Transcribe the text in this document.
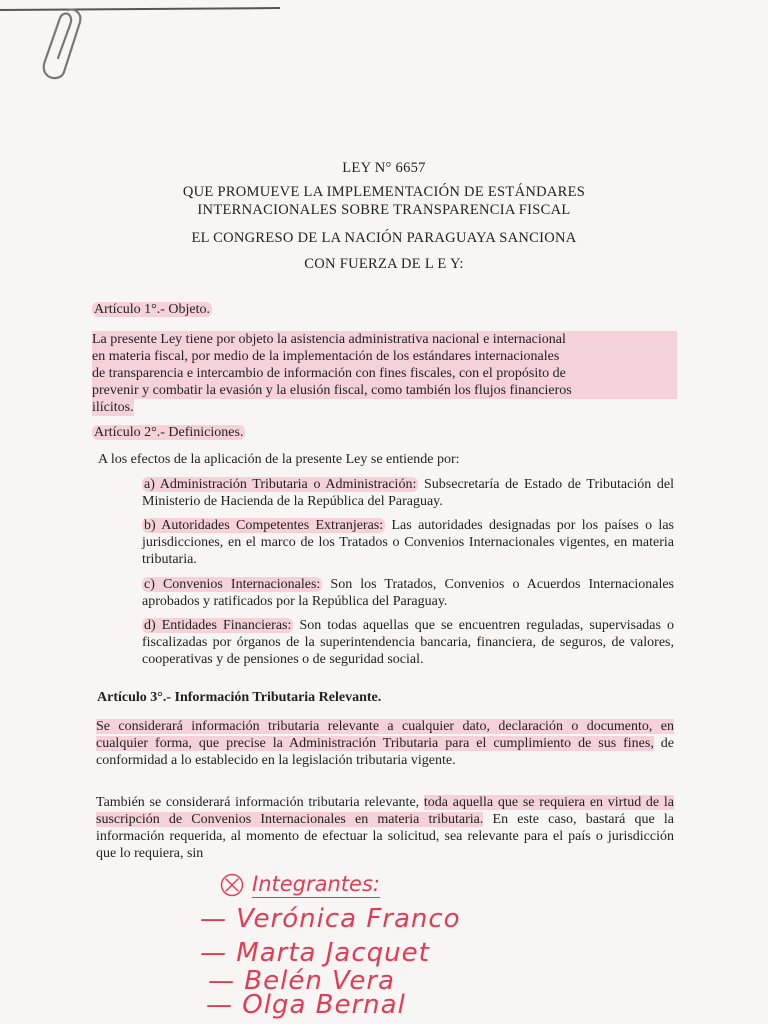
LEY N° 6657
QUE PROMUEVE LA IMPLEMENTACIÓN DE ESTÁNDARES
INTERNACIONALES SOBRE TRANSPARENCIA FISCAL
EL CONGRESO DE LA NACIÓN PARAGUAYA SANCIONA
CON FUERZA DE L E Y:
Artículo 1°.- Objeto.
La presente Ley tiene por objeto la asistencia administrativa nacional e internacional
en materia fiscal, por medio de la implementación de los estándares internacionales
de transparencia e intercambio de información con fines fiscales, con el propósito de
prevenir y combatir la evasión y la elusión fiscal, como también los flujos financieros
ilícitos.
Artículo 2°.- Definiciones.
A los efectos de la aplicación de la presente Ley se entiende por:
a) Administración Tributaria o Administración: Subsecretaría de Estado de Tributación del Ministerio de Hacienda de la República del Paraguay.
b) Autoridades Competentes Extranjeras: Las autoridades designadas por los países o las jurisdicciones, en el marco de los Tratados o Convenios Internacionales vigentes, en materia tributaria.
c) Convenios Internacionales: Son los Tratados, Convenios o Acuerdos Internacionales aprobados y ratificados por la República del Paraguay.
d) Entidades Financieras: Son todas aquellas que se encuentren reguladas, supervisadas o fiscalizadas por órganos de la superintendencia bancaria, financiera, de seguros, de valores, cooperativas y de pensiones o de seguridad social.
Artículo 3°.- Información Tributaria Relevante.
Se considerará información tributaria relevante a cualquier dato, declaración o documento, en cualquier forma, que precise la Administración Tributaria para el cumplimiento de sus fines, de conformidad a lo establecido en la legislación tributaria vigente.
También se considerará información tributaria relevante, toda aquella que se requiera en virtud de la suscripción de Convenios Internacionales en materia tributaria. En este caso, bastará que la información requerida, al momento de efectuar la solicitud, sea relevante para el país o jurisdicción que lo requiera, sin
Integrantes:
— Verónica Franco
— Marta Jacquet
— Belén Vera
— Olga Bernal
